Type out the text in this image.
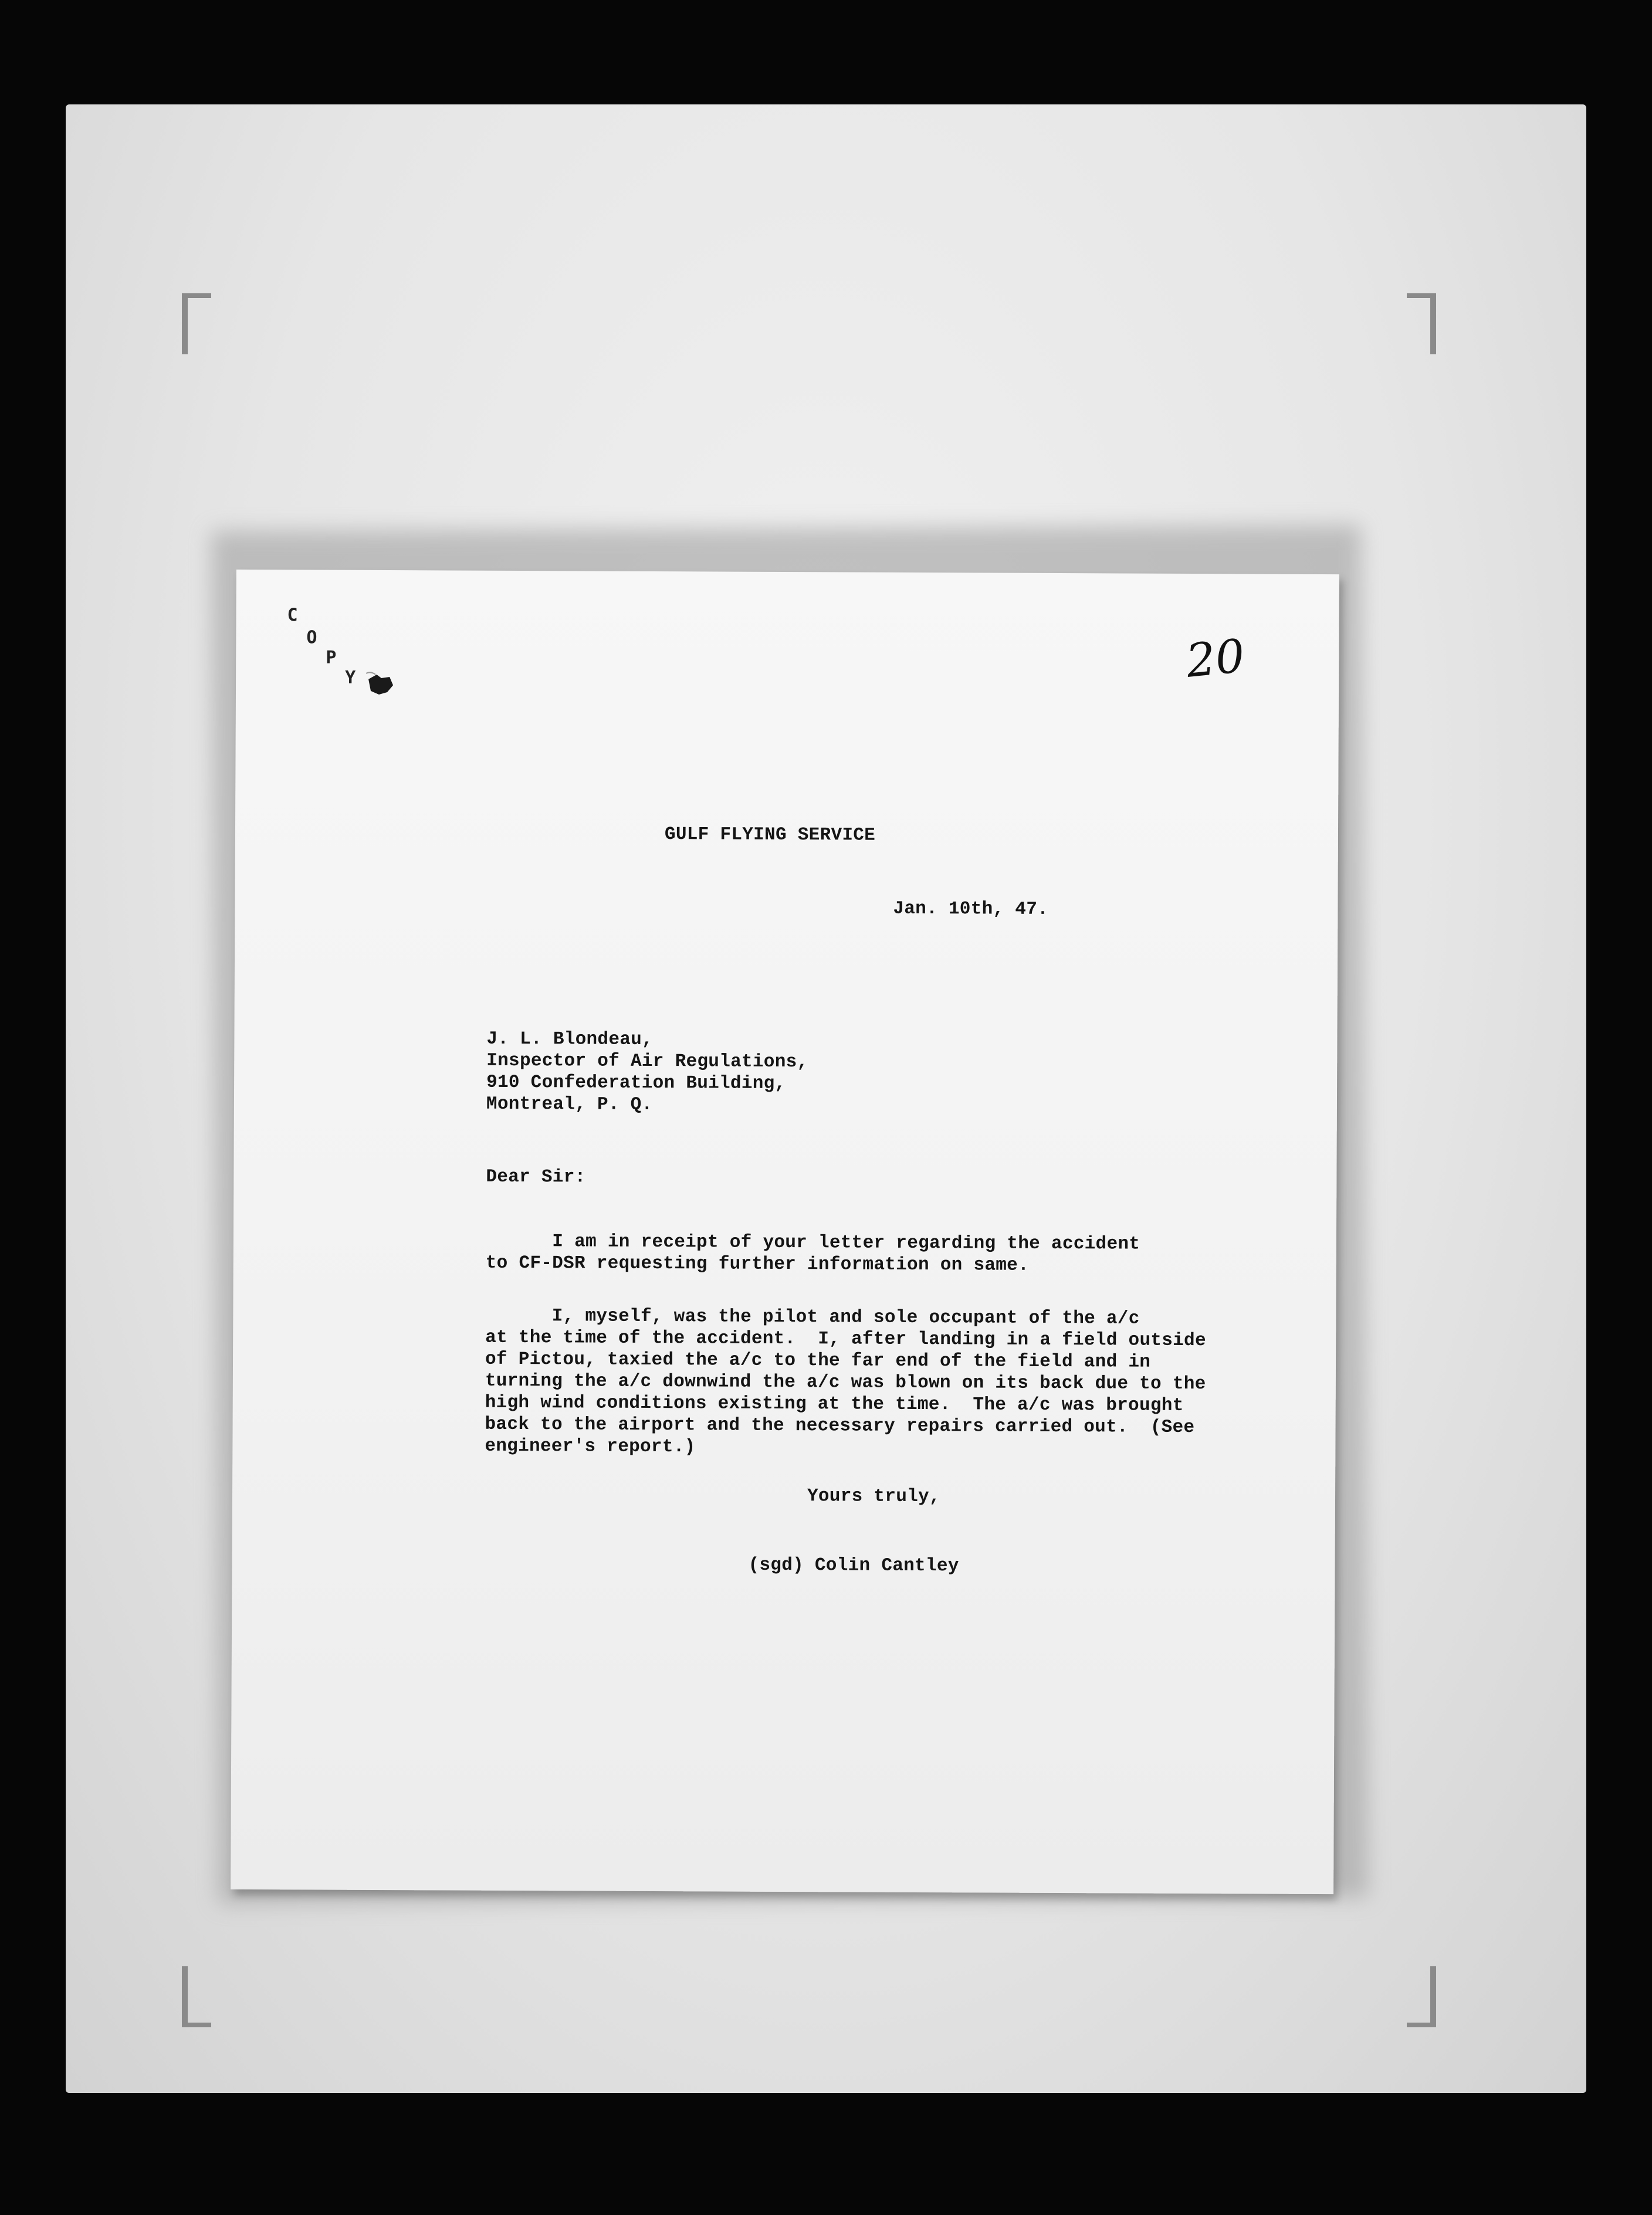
C
O
P
Y	20
GULF FLYING SERVICE
Jan. 10th, 47.
J. L. Blondeau,
Inspector of Air Regulations,
910 Confederation Building,
Montreal, P. Q.
Dear Sir:
I am in receipt of your letter regarding the accident
to CF-DSR requesting further information on same.
I, myself, was the pilot and sole occupant of the a/c
at the time of the accident.  I, after landing in a field outside
of Pictou, taxied the a/c to the far end of the field and in
turning the a/c downwind the a/c was blown on its back due to the
high wind conditions existing at the time.  The a/c was brought
back to the airport and the necessary repairs carried out.  (See
engineer's report.)
Yours truly,
(sgd) Colin Cantley
